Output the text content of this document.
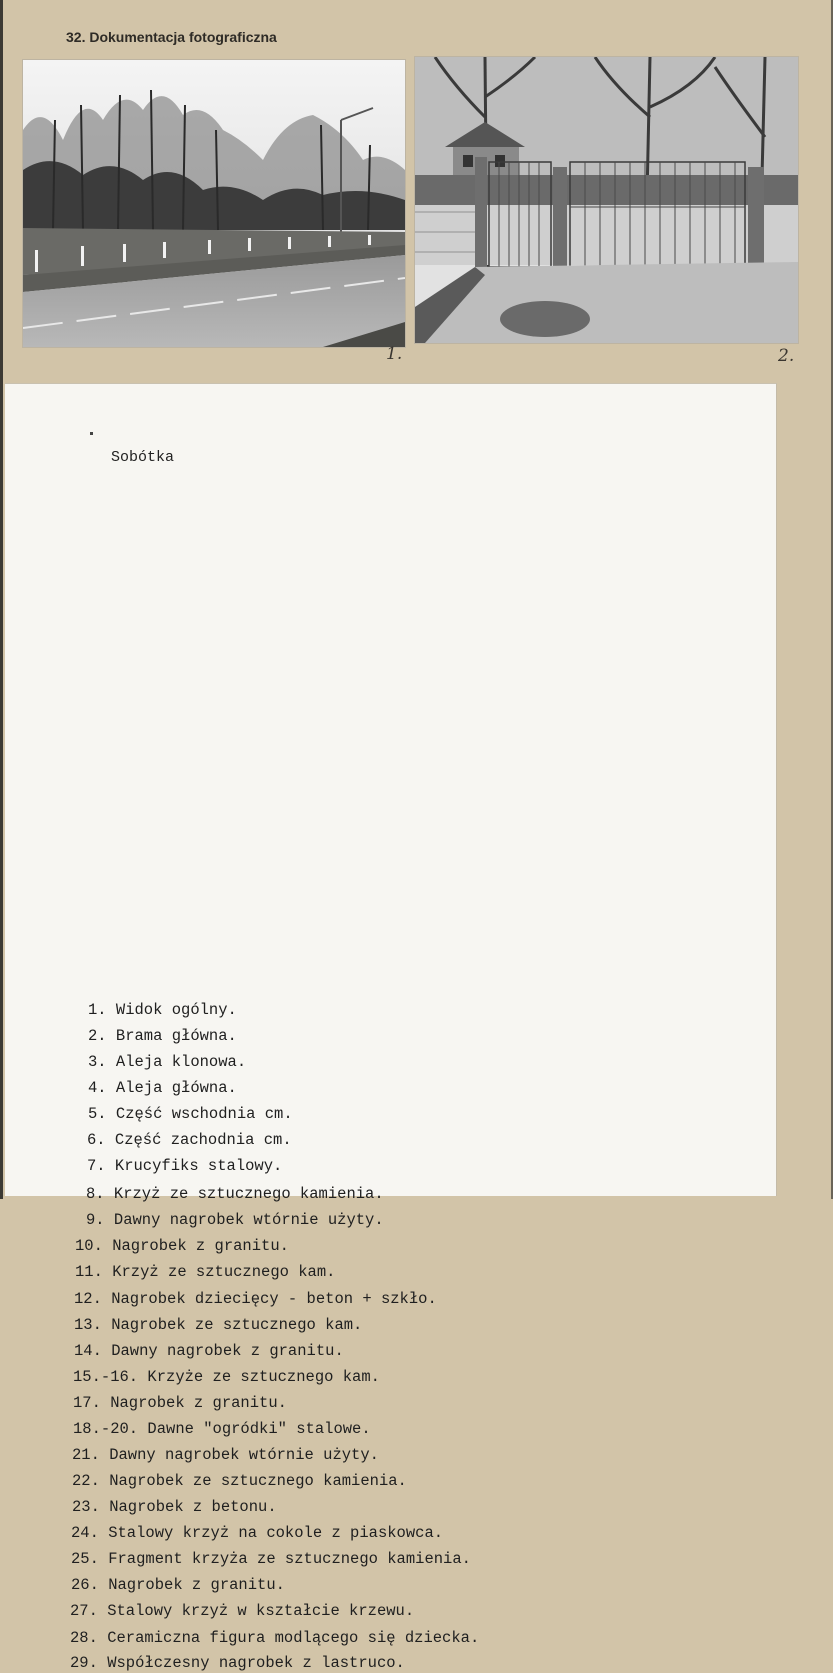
32. Dokumentacja fotograficzna
1.	2.
Sobótka
1. Widok ogólny.
2. Brama główna.
3. Aleja klonowa.
4. Aleja główna.
5. Część wschodnia cm.
6. Część zachodnia cm.
7. Krucyfiks stalowy.
8. Krzyż ze sztucznego kamienia.
9. Dawny nagrobek wtórnie użyty.
10. Nagrobek z granitu.
11. Krzyż ze sztucznego kam.
12. Nagrobek dziecięcy - beton + szkło.
13. Nagrobek ze sztucznego kam.
14. Dawny nagrobek z granitu.
15.-16. Krzyże ze sztucznego kam.
17. Nagrobek z granitu.
18.-20. Dawne "ogródki" stalowe.
21. Dawny nagrobek wtórnie użyty.
22. Nagrobek ze sztucznego kamienia.
23. Nagrobek z betonu.
24. Stalowy krzyż na cokole z piaskowca.
25. Fragment krzyża ze sztucznego kamienia.
26. Nagrobek z granitu.
27. Stalowy krzyż w kształcie krzewu.
28. Ceramiczna figura modlącego się dziecka.
29. Współczesny nagrobek z lastruco.
